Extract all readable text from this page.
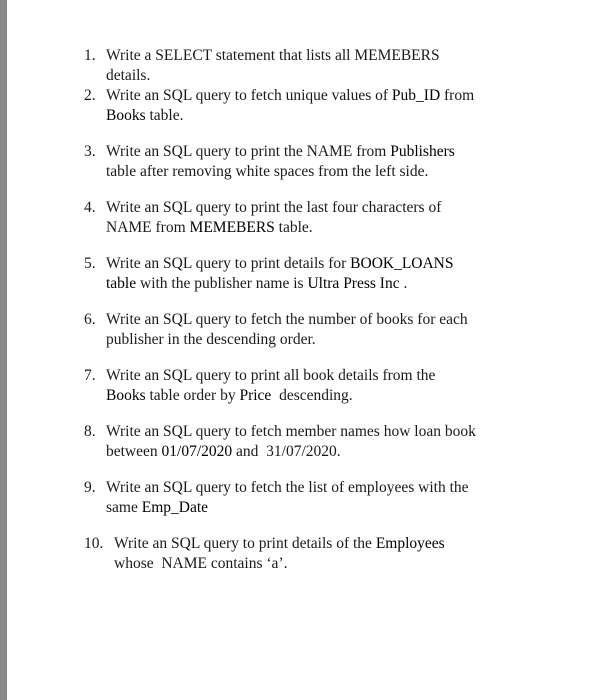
1. Write a SELECT statement that lists all MEMEBERS
details.
2. Write an SQL query to fetch unique values of Pub_ID from
Books table.
3. Write an SQL query to print the NAME from Publishers
table after removing white spaces from the left side.
4. Write an SQL query to print the last four characters of
NAME from MEMEBERS table.
5. Write an SQL query to print details for BOOK_LOANS
table with the publisher name is Ultra Press Inc .
6. Write an SQL query to fetch the number of books for each
publisher in the descending order.
7. Write an SQL query to print all book details from the
Books table order by Price  descending.
8. Write an SQL query to fetch member names how loan book
between 01/07/2020 and  31/07/2020.
9. Write an SQL query to fetch the list of employees with the
same Emp_Date
10. Write an SQL query to print details of the Employees
whose  NAME contains ‘a’.
